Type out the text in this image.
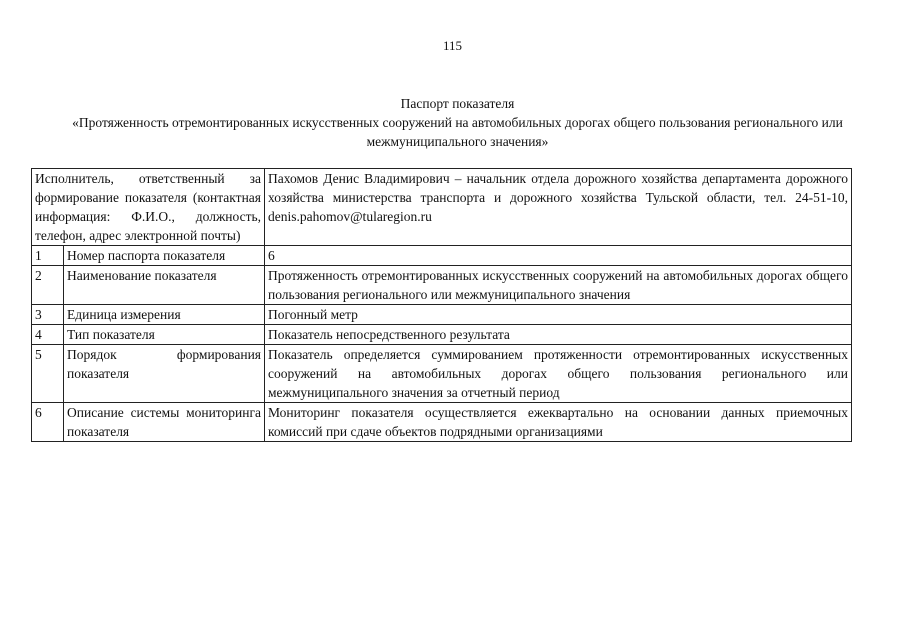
115
Паспорт показателя
«Протяженность отремонтированных искусственных сооружений на автомобильных дорогах общего пользования регионального или межмуниципального значения»
Исполнитель, ответственный за формирование показателя (контактная информация: Ф.И.О., должность, телефон, адрес электронной почты)		Пахомов Денис Владимирович – начальник отдела дорожного хозяйства департамента дорожного хозяйства министерства транспорта и дорожного хозяйства Тульской области, тел. 24-51-10, denis.pahomov@tularegion.ru
1	Номер паспорта показателя	6
2	Наименование показателя	Протяженность отремонтированных искусственных сооружений на автомобильных дорогах общего пользования регионального или межмуниципального значения
3	Единица измерения	Погонный метр
4	Тип показателя	Показатель непосредственного результата
5	Порядок формирования показателя	Показатель определяется суммированием протяженности отремонтированных искусственных сооружений на автомобильных дорогах общего пользования регионального или межмуниципального значения за отчетный период
6	Описание системы мониторинга показателя	Мониторинг показателя осуществляется ежеквартально на основании данных приемочных комиссий при сдаче объектов подрядными организациями
